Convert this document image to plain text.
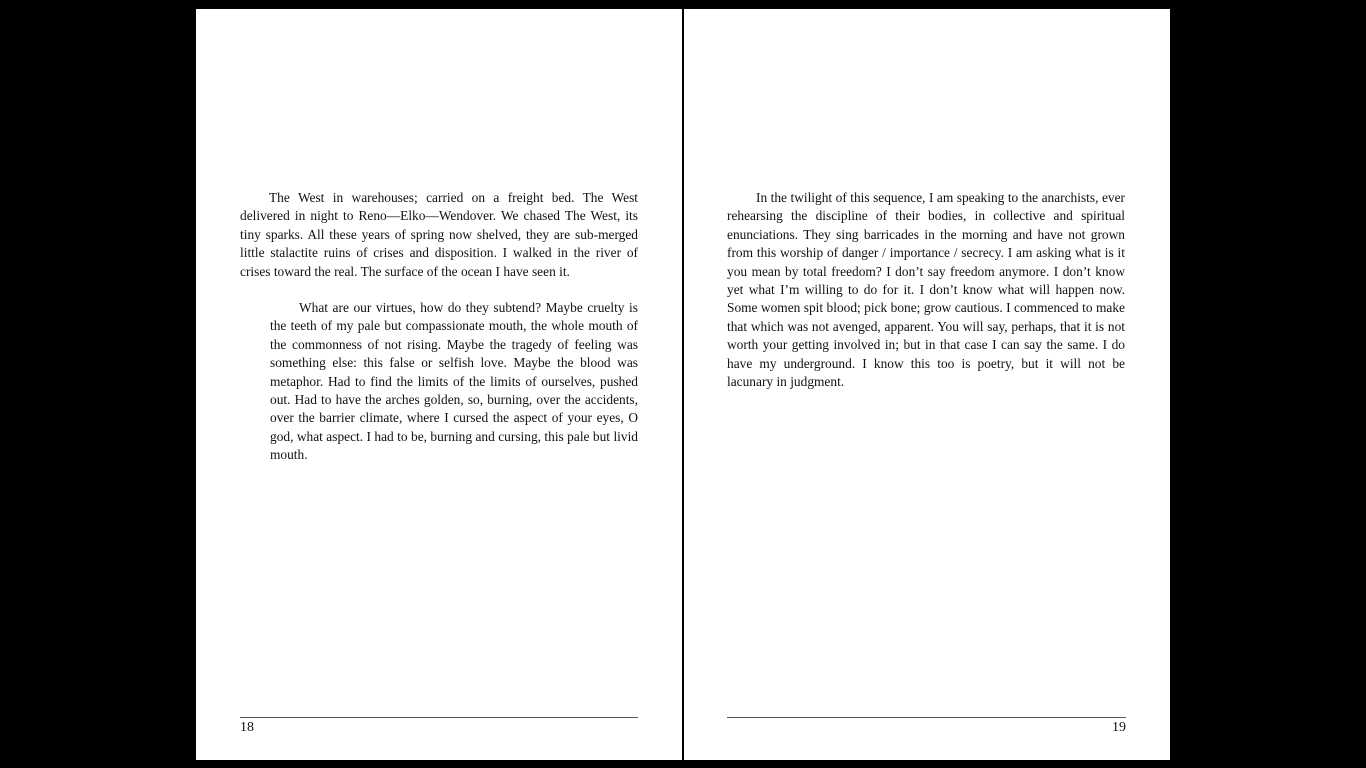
The West in warehouses; carried on a freight bed. The West delivered in night to Reno—Elko—Wendover. We chased The West, its tiny sparks. All these years of spring now shelved, they are sub-merged little stalactite ruins of crises and disposition. I walked in the river of crises toward the real. The surface of the ocean I have seen it.

What are our virtues, how do they subtend? Maybe cruelty is the teeth of my pale but compassionate mouth, the whole mouth of the commonness of not rising. Maybe the tragedy of feeling was something else: this false or selfish love. Maybe the blood was metaphor. Had to find the limits of the limits of ourselves, pushed out. Had to have the arches golden, so, burning, over the accidents, over the barrier climate, where I cursed the aspect of your eyes, O god, what aspect. I had to be, burning and cursing, this pale but livid mouth.

18

In the twilight of this sequence, I am speaking to the anarchists, ever rehearsing the discipline of their bodies, in collective and spiritual enunciations. They sing barricades in the morning and have not grown from this worship of danger / importance / secrecy. I am asking what is it you mean by total freedom? I don’t say freedom anymore. I don’t know yet what I’m willing to do for it. I don’t know what will happen now. Some women spit blood; pick bone; grow cautious. I commenced to make that which was not avenged, apparent. You will say, perhaps, that it is not worth your getting involved in; but in that case I can say the same. I do have my underground. I know this too is poetry, but it will not be lacunary in judgment.

19
